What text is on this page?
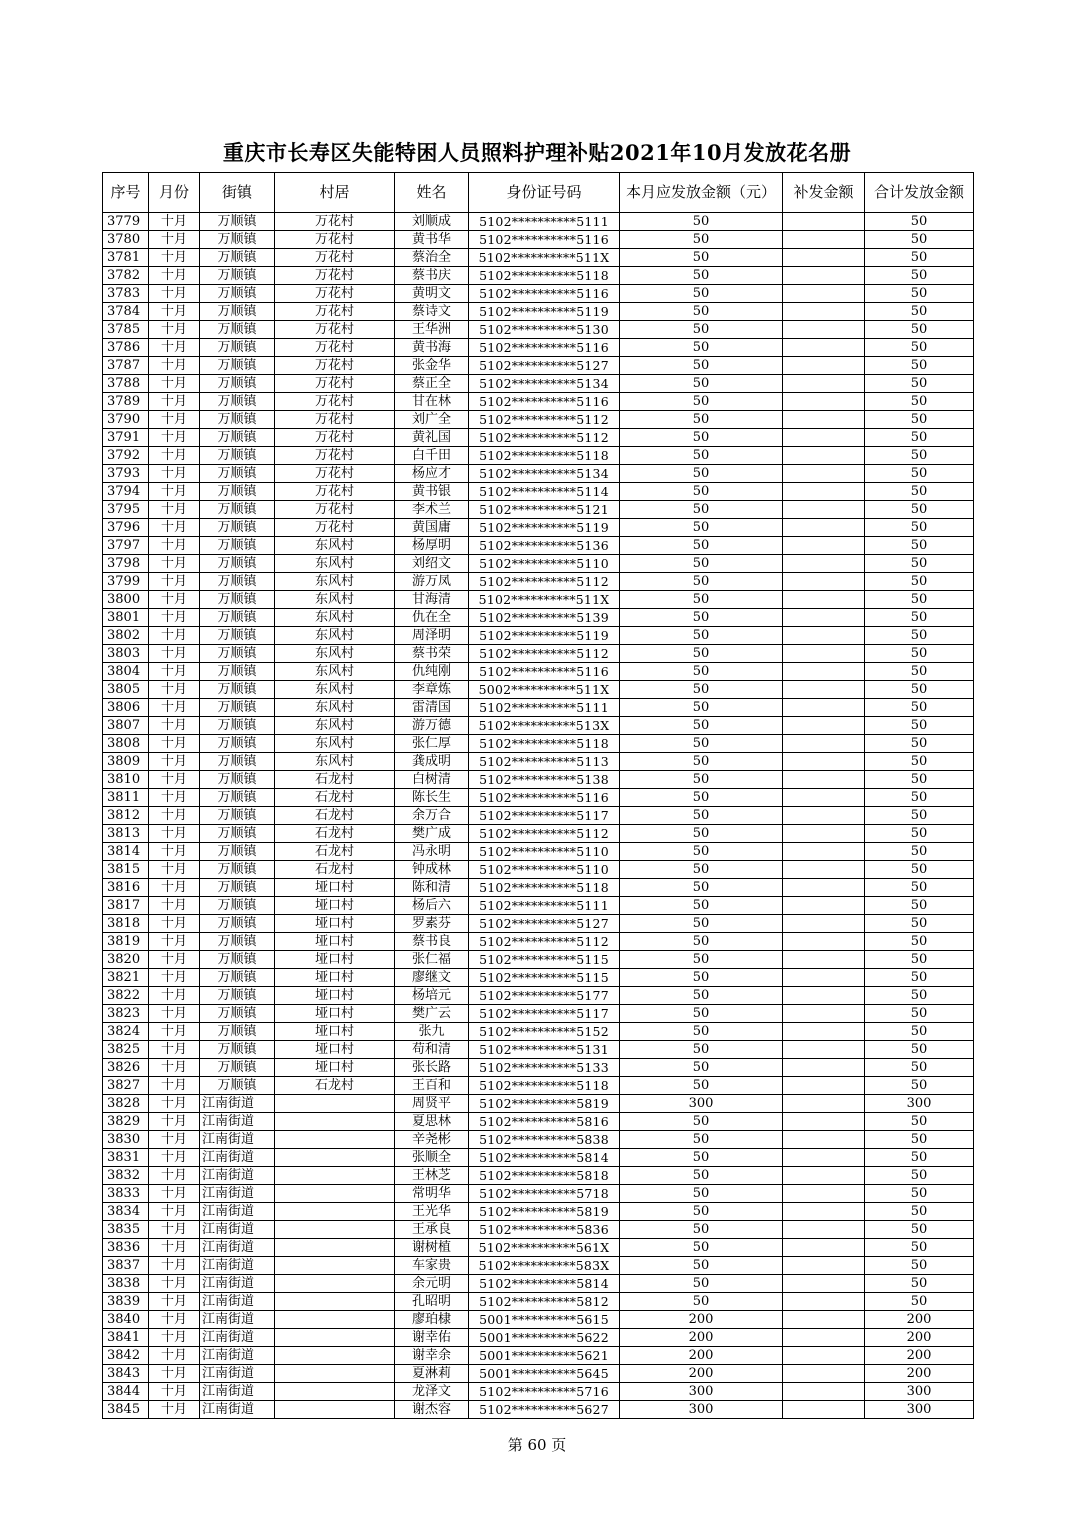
重庆市长寿区失能特困人员照料护理补贴2021年10月发放花名册
序号	月份	街镇	村居	姓名	身份证号码	本月应发放金额（元）	补发金额	合计发放金额
3779	十月	万顺镇	万花村	刘顺成	5102**********5111	50		50
3780	十月	万顺镇	万花村	黄书华	5102**********5116	50		50
3781	十月	万顺镇	万花村	蔡治全	5102**********511X	50		50
3782	十月	万顺镇	万花村	蔡书庆	5102**********5118	50		50
3783	十月	万顺镇	万花村	黄明文	5102**********5116	50		50
3784	十月	万顺镇	万花村	蔡诗文	5102**********5119	50		50
3785	十月	万顺镇	万花村	王华洲	5102**********5130	50		50
3786	十月	万顺镇	万花村	黄书海	5102**********5116	50		50
3787	十月	万顺镇	万花村	张金华	5102**********5127	50		50
3788	十月	万顺镇	万花村	蔡正全	5102**********5134	50		50
3789	十月	万顺镇	万花村	甘在林	5102**********5116	50		50
3790	十月	万顺镇	万花村	刘广全	5102**********5112	50		50
3791	十月	万顺镇	万花村	黄礼国	5102**********5112	50		50
3792	十月	万顺镇	万花村	白千田	5102**********5118	50		50
3793	十月	万顺镇	万花村	杨应才	5102**********5134	50		50
3794	十月	万顺镇	万花村	黄书银	5102**********5114	50		50
3795	十月	万顺镇	万花村	李术兰	5102**********5121	50		50
3796	十月	万顺镇	万花村	黄国庸	5102**********5119	50		50
3797	十月	万顺镇	东风村	杨厚明	5102**********5136	50		50
3798	十月	万顺镇	东风村	刘绍文	5102**********5110	50		50
3799	十月	万顺镇	东风村	游万凤	5102**********5112	50		50
3800	十月	万顺镇	东风村	甘海清	5102**********511X	50		50
3801	十月	万顺镇	东风村	仇在全	5102**********5139	50		50
3802	十月	万顺镇	东风村	周泽明	5102**********5119	50		50
3803	十月	万顺镇	东风村	蔡书荣	5102**********5112	50		50
3804	十月	万顺镇	东风村	仇纯刚	5102**********5116	50		50
3805	十月	万顺镇	东风村	李章炼	5002**********511X	50		50
3806	十月	万顺镇	东风村	雷清国	5102**********5111	50		50
3807	十月	万顺镇	东风村	游万德	5102**********513X	50		50
3808	十月	万顺镇	东风村	张仁厚	5102**********5118	50		50
3809	十月	万顺镇	东风村	龚成明	5102**********5113	50		50
3810	十月	万顺镇	石龙村	白树清	5102**********5138	50		50
3811	十月	万顺镇	石龙村	陈长生	5102**********5116	50		50
3812	十月	万顺镇	石龙村	余万合	5102**********5117	50		50
3813	十月	万顺镇	石龙村	樊广成	5102**********5112	50		50
3814	十月	万顺镇	石龙村	冯永明	5102**********5110	50		50
3815	十月	万顺镇	石龙村	钟成林	5102**********5110	50		50
3816	十月	万顺镇	垭口村	陈和清	5102**********5118	50		50
3817	十月	万顺镇	垭口村	杨后六	5102**********5111	50		50
3818	十月	万顺镇	垭口村	罗素芬	5102**********5127	50		50
3819	十月	万顺镇	垭口村	蔡书良	5102**********5112	50		50
3820	十月	万顺镇	垭口村	张仁福	5102**********5115	50		50
3821	十月	万顺镇	垭口村	廖继文	5102**********5115	50		50
3822	十月	万顺镇	垭口村	杨培元	5102**********5177	50		50
3823	十月	万顺镇	垭口村	樊广云	5102**********5117	50		50
3824	十月	万顺镇	垭口村	张九	5102**********5152	50		50
3825	十月	万顺镇	垭口村	苟和清	5102**********5131	50		50
3826	十月	万顺镇	垭口村	张长路	5102**********5133	50		50
3827	十月	万顺镇	石龙村	王百和	5102**********5118	50		50
3828	十月	江南街道		周贤平	5102**********5819	300		300
3829	十月	江南街道		夏思林	5102**********5816	50		50
3830	十月	江南街道		辛尧彬	5102**********5838	50		50
3831	十月	江南街道		张顺全	5102**********5814	50		50
3832	十月	江南街道		王林芝	5102**********5818	50		50
3833	十月	江南街道		常明华	5102**********5718	50		50
3834	十月	江南街道		王光华	5102**********5819	50		50
3835	十月	江南街道		王承良	5102**********5836	50		50
3836	十月	江南街道		谢树植	5102**********561X	50		50
3837	十月	江南街道		车家贵	5102**********583X	50		50
3838	十月	江南街道		余元明	5102**********5814	50		50
3839	十月	江南街道		孔昭明	5102**********5812	50		50
3840	十月	江南街道		廖珀棣	5001**********5615	200		200
3841	十月	江南街道		谢幸佑	5001**********5622	200		200
3842	十月	江南街道		谢幸余	5001**********5621	200		200
3843	十月	江南街道		夏淋莉	5001**********5645	200		200
3844	十月	江南街道		龙泽文	5102**********5716	300		300
3845	十月	江南街道		谢杰容	5102**********5627	300		300
第 60 页
